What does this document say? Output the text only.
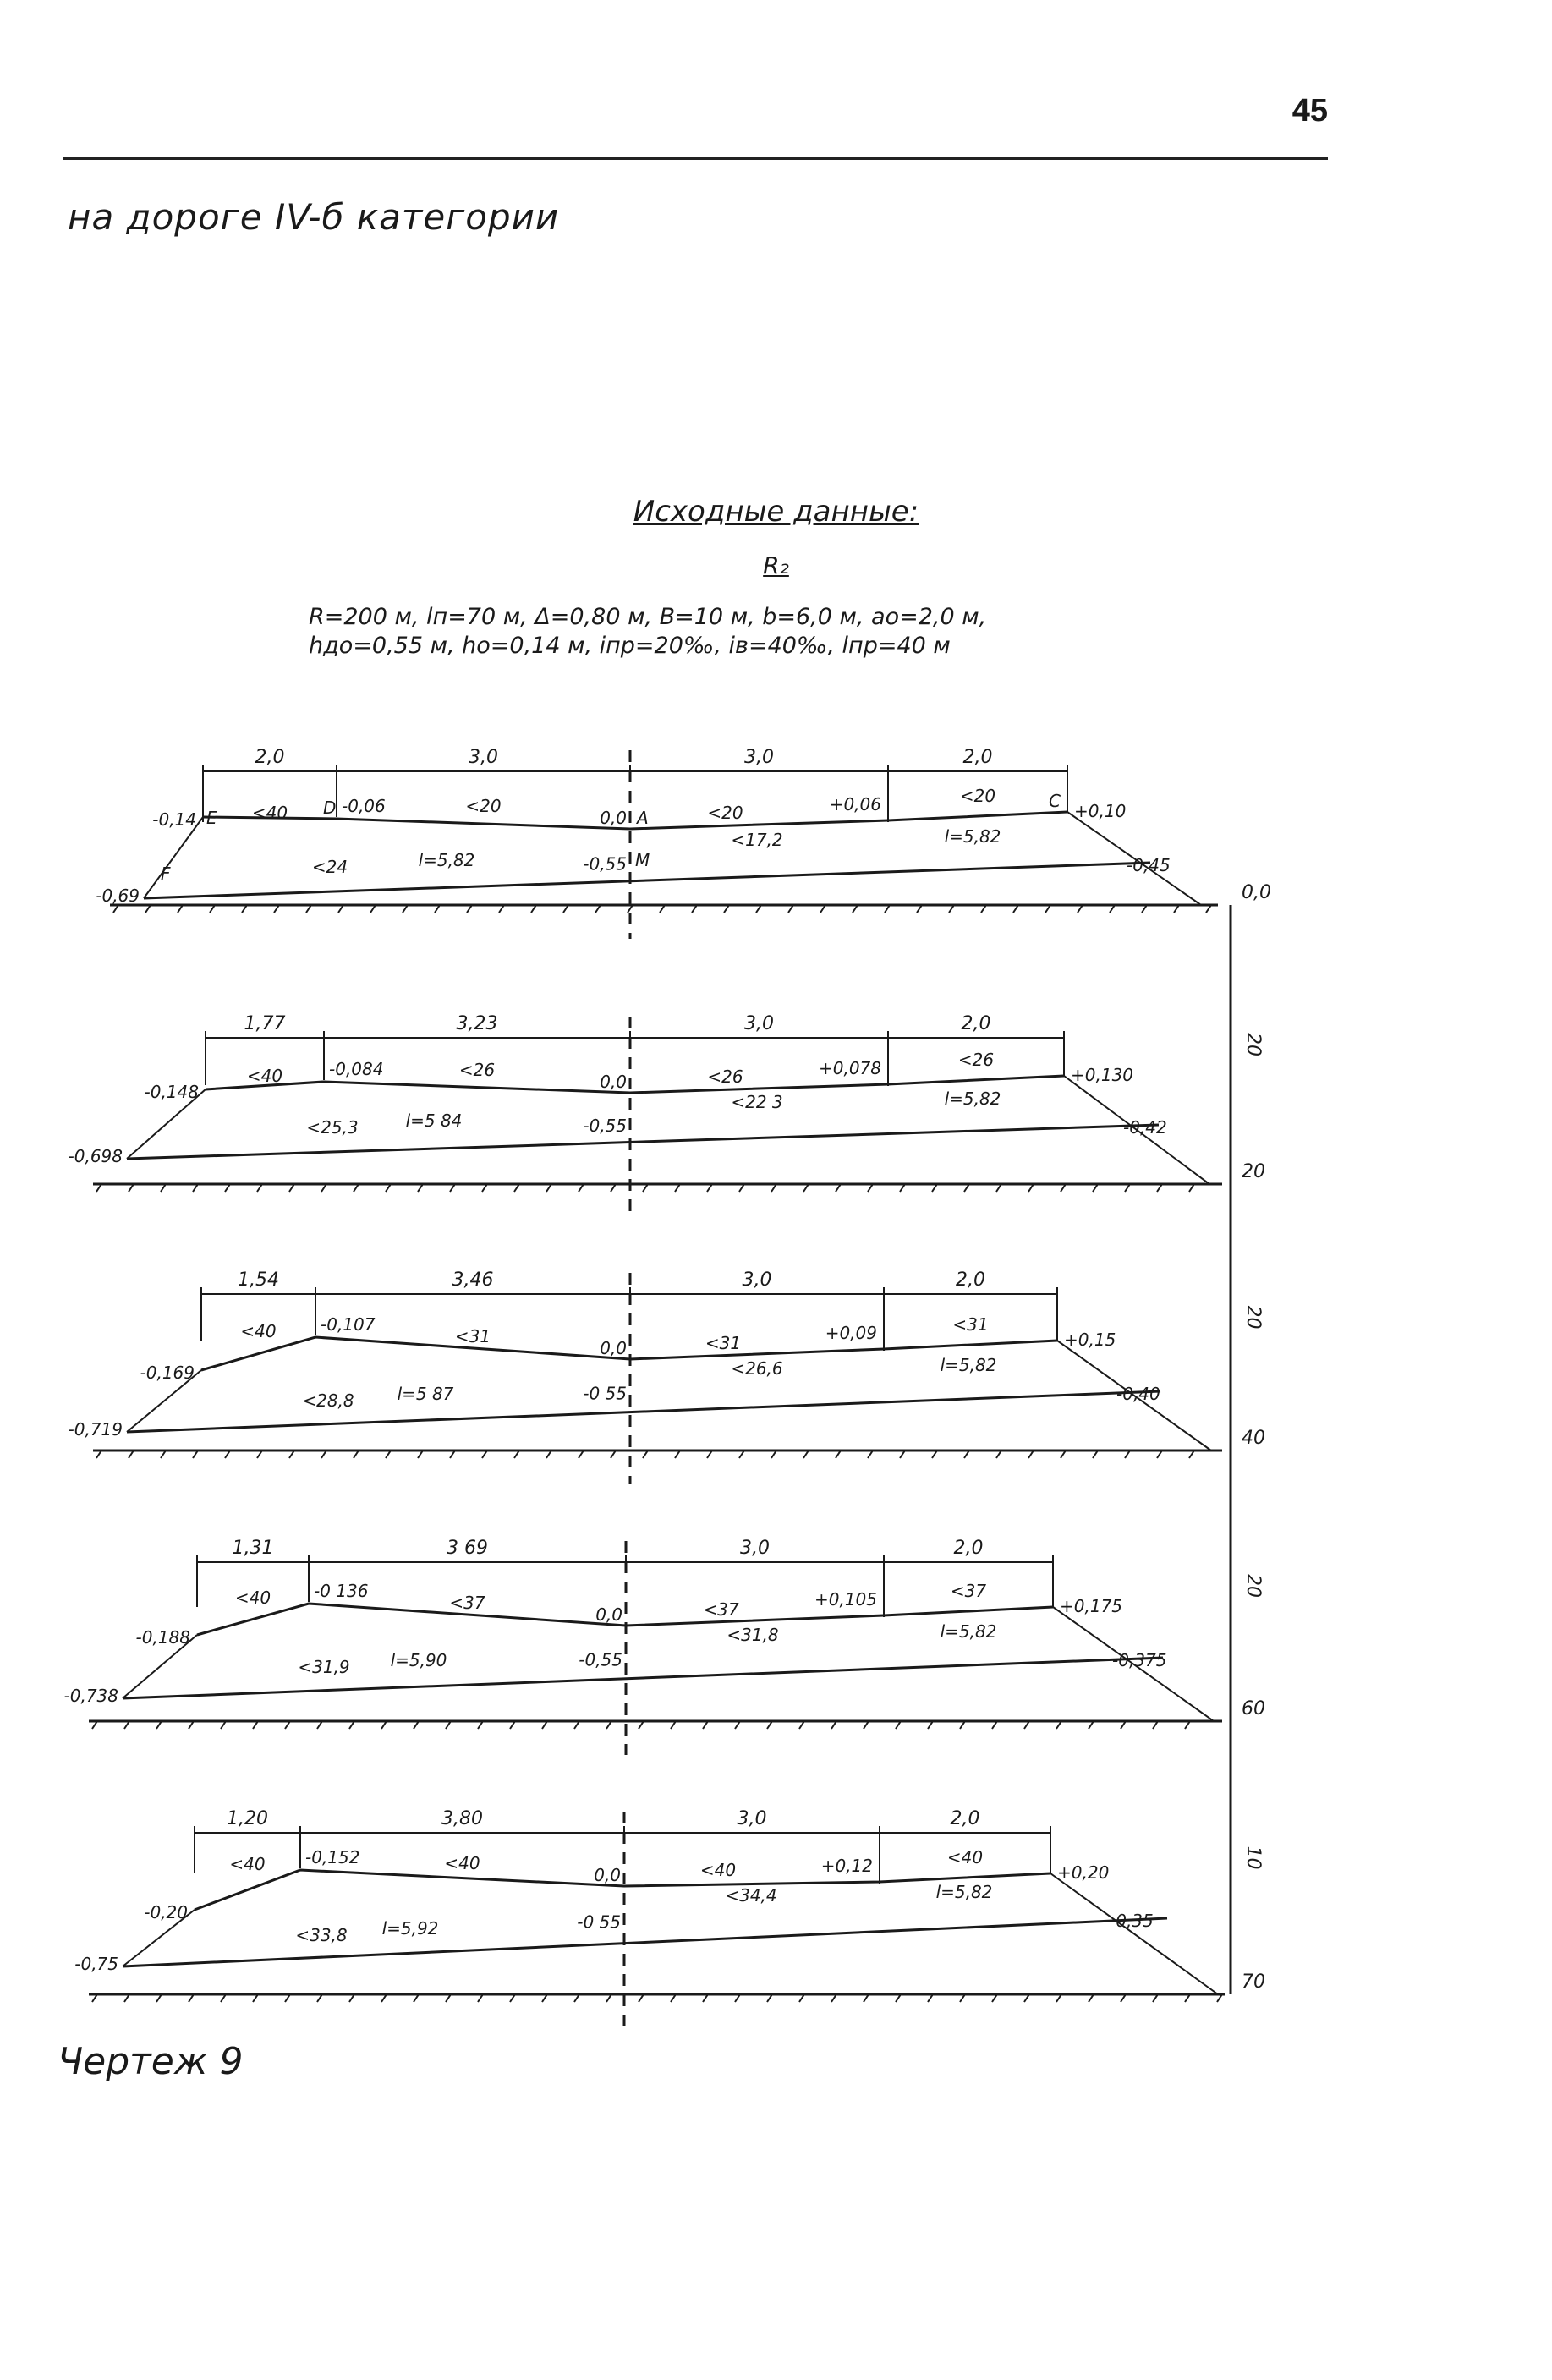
45
на дороге IV-б категории
Исходные данные:
R₂
R=200 м, lп=70 м, Δ=0,80 м, B=10 м, b=6,0 м, aо=2,0 м,
hдо=0,55 м, hо=0,14 м, iпр=20‰, iв=40‰, lпр=40 м
2,0	3,0	3,0	2,0
-0,14
-0,69
-0,06
0,0
+0,06	+0,10
-0,45
-0,55
<40	<20	<20
<20
<24	l=5,82
<17,2	l=5,82
E	D	A
C
F
M
0,0
1,77	3,23	3,0	2,0
-0,148
-0,698
-0,084
0,0
+0,078	+0,130
-0,42
-0,55
<40	<26	<26
<26
<25,3	l=5 84
<22 3	l=5,82
20
20
1,54	3,46	3,0	2,0
-0,169
-0,719
-0,107
0,0
+0,09	+0,15
-0,40
-0 55
<40	<31	<31
<31
<28,8	l=5 87
<26,6	l=5,82
40
20
1,31	3 69	3,0	2,0
-0,188
-0,738
-0 136
0,0
+0,105	+0,175
-0,375
-0,55
<40	<37	<37
<37
<31,9 l=5,90
<31,8	l=5,82
60
20
1,20	3,80	3,0	2,0
-0,20
-0,75
-0,152
0,0	+0,12	+0,20
-0,35
-0 55
<40	<40	<40
<40
<33,8 l=5,92
<34,4	l=5,82
70
10
Чертеж 9
